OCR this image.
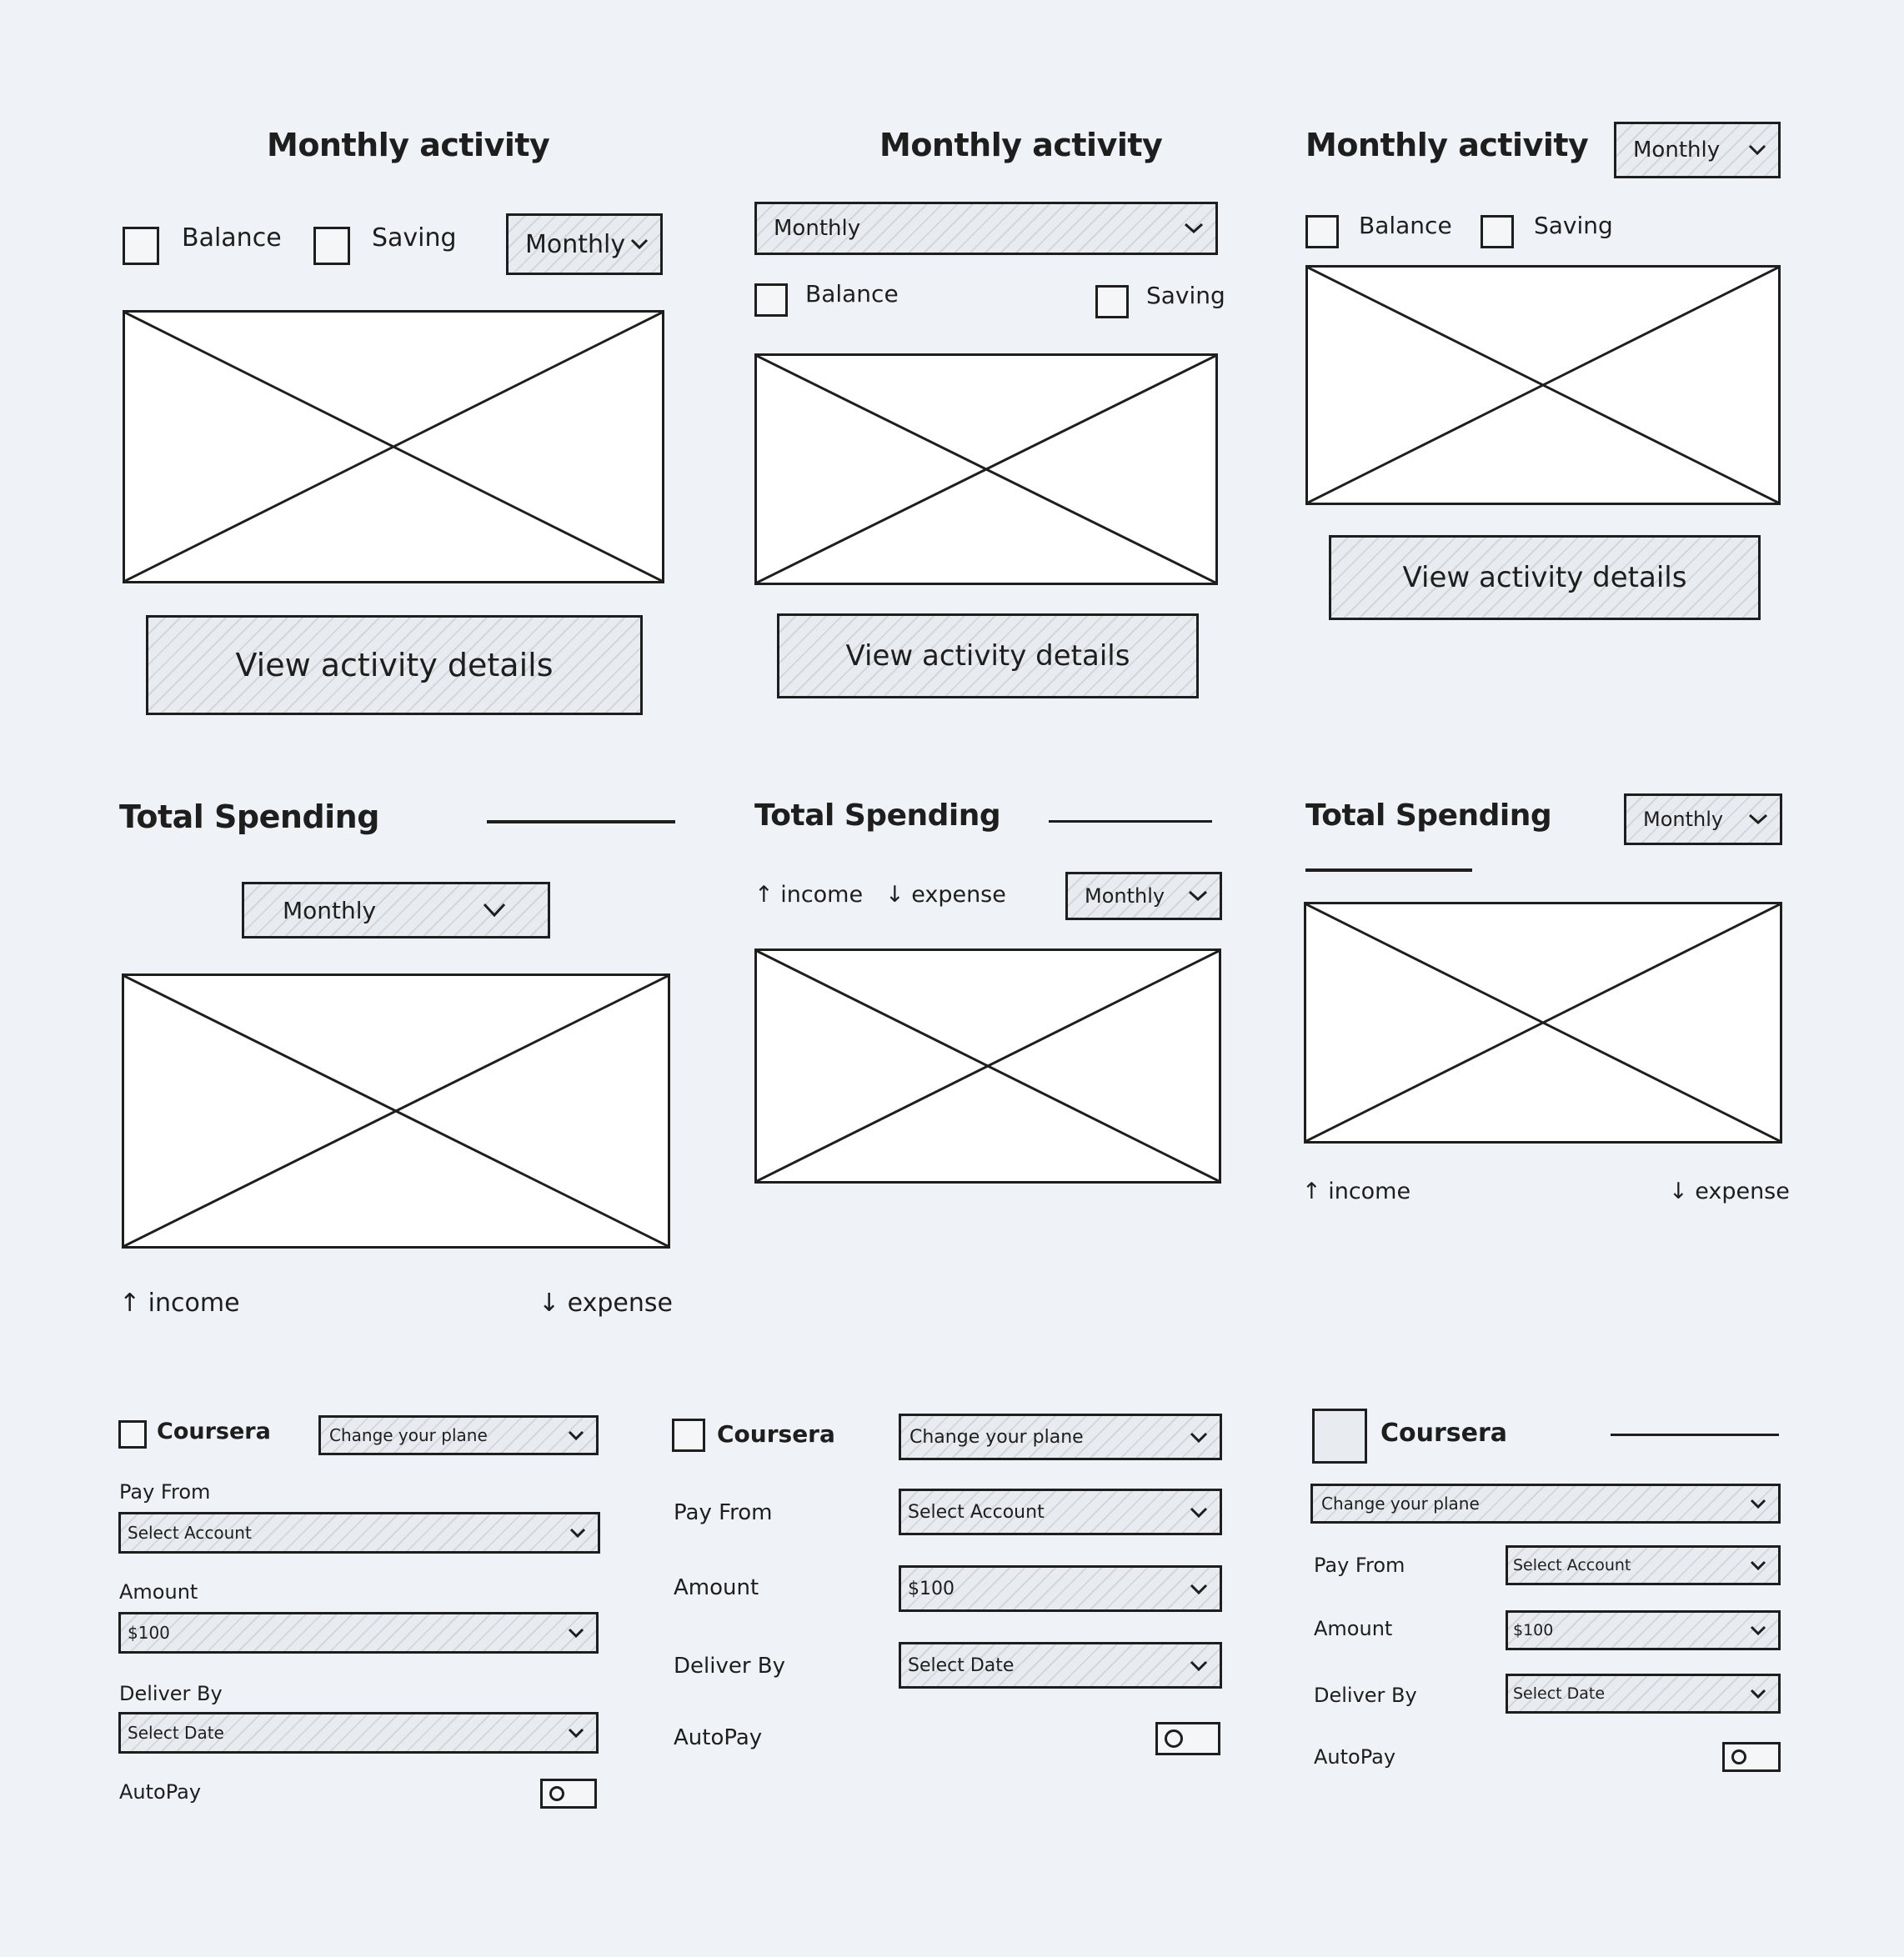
Monthly activity
Balance	Saving	Monthly
View activity details
Monthly activity
Monthly
Balance	Saving
View activity details
Monthly activity Monthly
Balance	Saving
View activity details
Total Spending
Monthly
↑ income	↓ expense
Total Spending
↑ income ↓ expense	Monthly
Total Spending	Monthly
↑ income	↓ expense
Coursera	Change your plane
Pay From
Select Account
Amount
$100
Deliver By
Select Date
AutoPay
Coursera	Change your plane
Pay From	Select Account
Amount	$100
Deliver By	Select Date
AutoPay
Coursera
Change your plane
Pay From	Select Account
Amount	$100
Deliver By	Select Date
AutoPay
